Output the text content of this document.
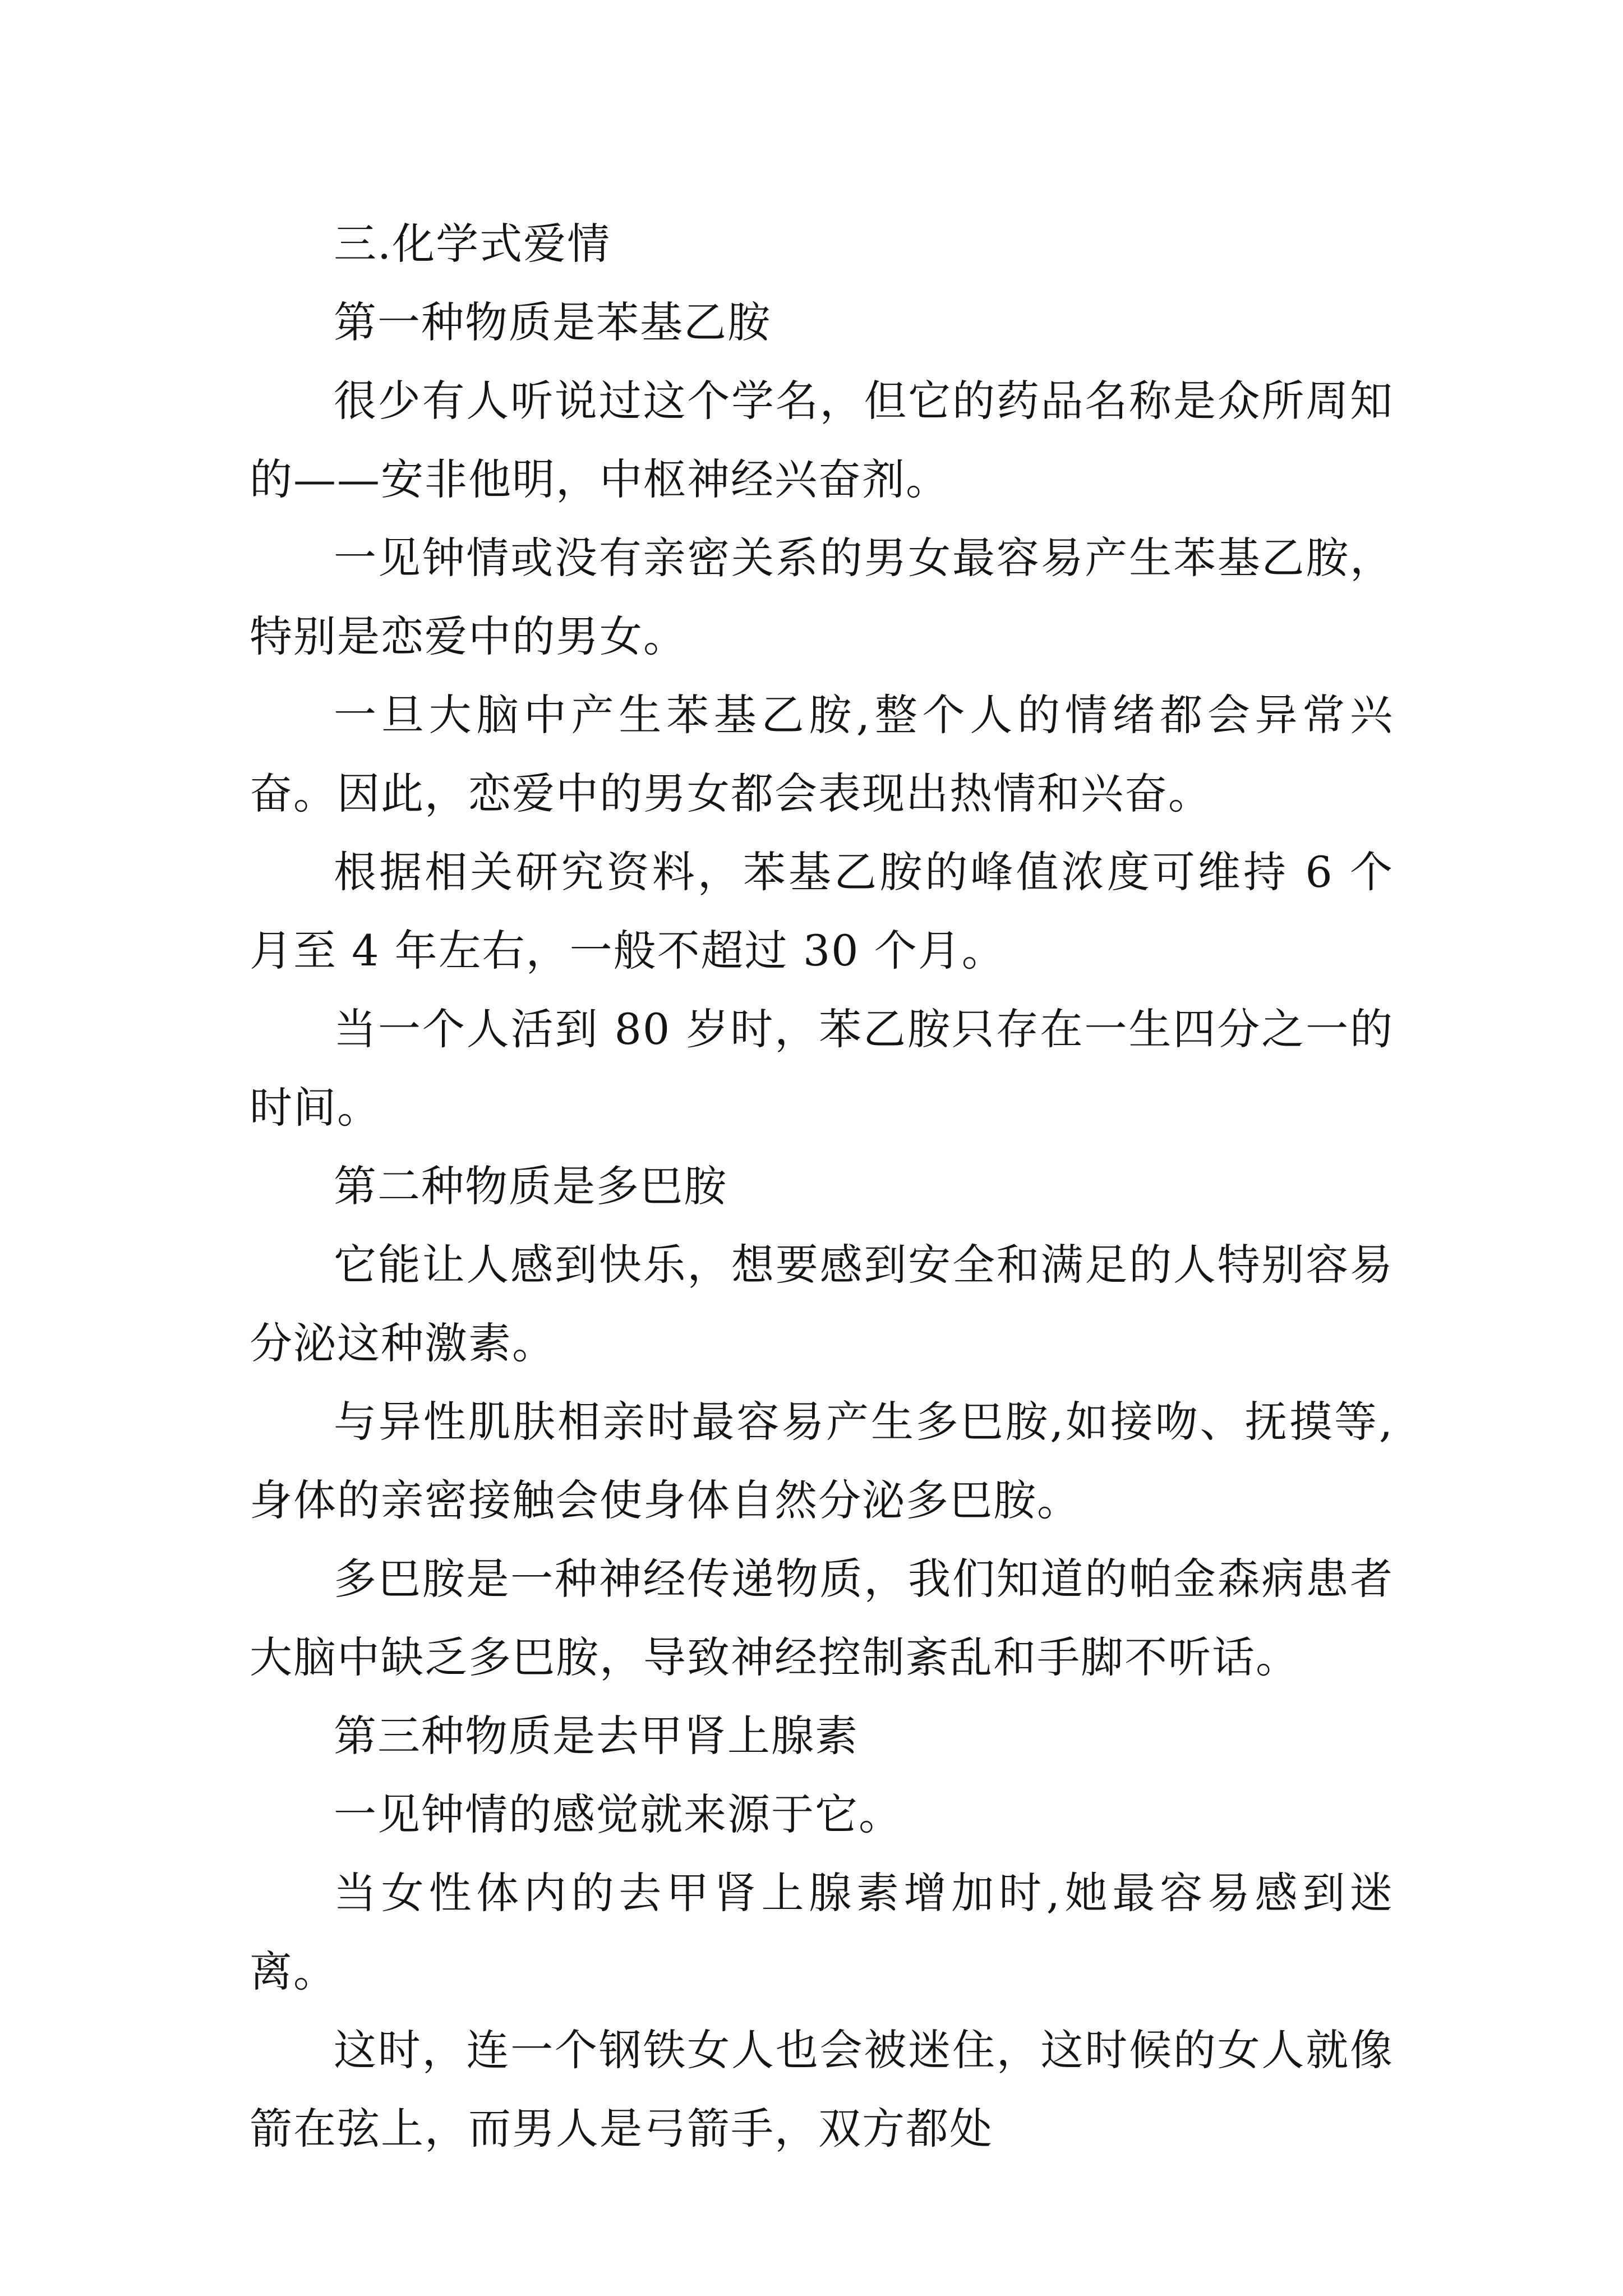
三.化学式爱情

第一种物质是苯基乙胺

很少有人听说过这个学名，但它的药品名称是众所周知的——安非他明，中枢神经兴奋剂。

一见钟情或没有亲密关系的男女最容易产生苯基乙胺，特别是恋爱中的男女。

一旦大脑中产生苯基乙胺,整个人的情绪都会异常兴奋。因此，恋爱中的男女都会表现出热情和兴奋。

根据相关研究资料，苯基乙胺的峰值浓度可维持 6 个月至 4 年左右，一般不超过 30 个月。

当一个人活到 80 岁时，苯乙胺只存在一生四分之一的时间。

第二种物质是多巴胺

它能让人感到快乐，想要感到安全和满足的人特别容易分泌这种激素。

与异性肌肤相亲时最容易产生多巴胺,如接吻、抚摸等,身体的亲密接触会使身体自然分泌多巴胺。

多巴胺是一种神经传递物质，我们知道的帕金森病患者大脑中缺乏多巴胺，导致神经控制紊乱和手脚不听话。

第三种物质是去甲肾上腺素

一见钟情的感觉就来源于它。

当女性体内的去甲肾上腺素增加时,她最容易感到迷离。

这时，连一个钢铁女人也会被迷住，这时候的女人就像箭在弦上，而男人是弓箭手，双方都处
